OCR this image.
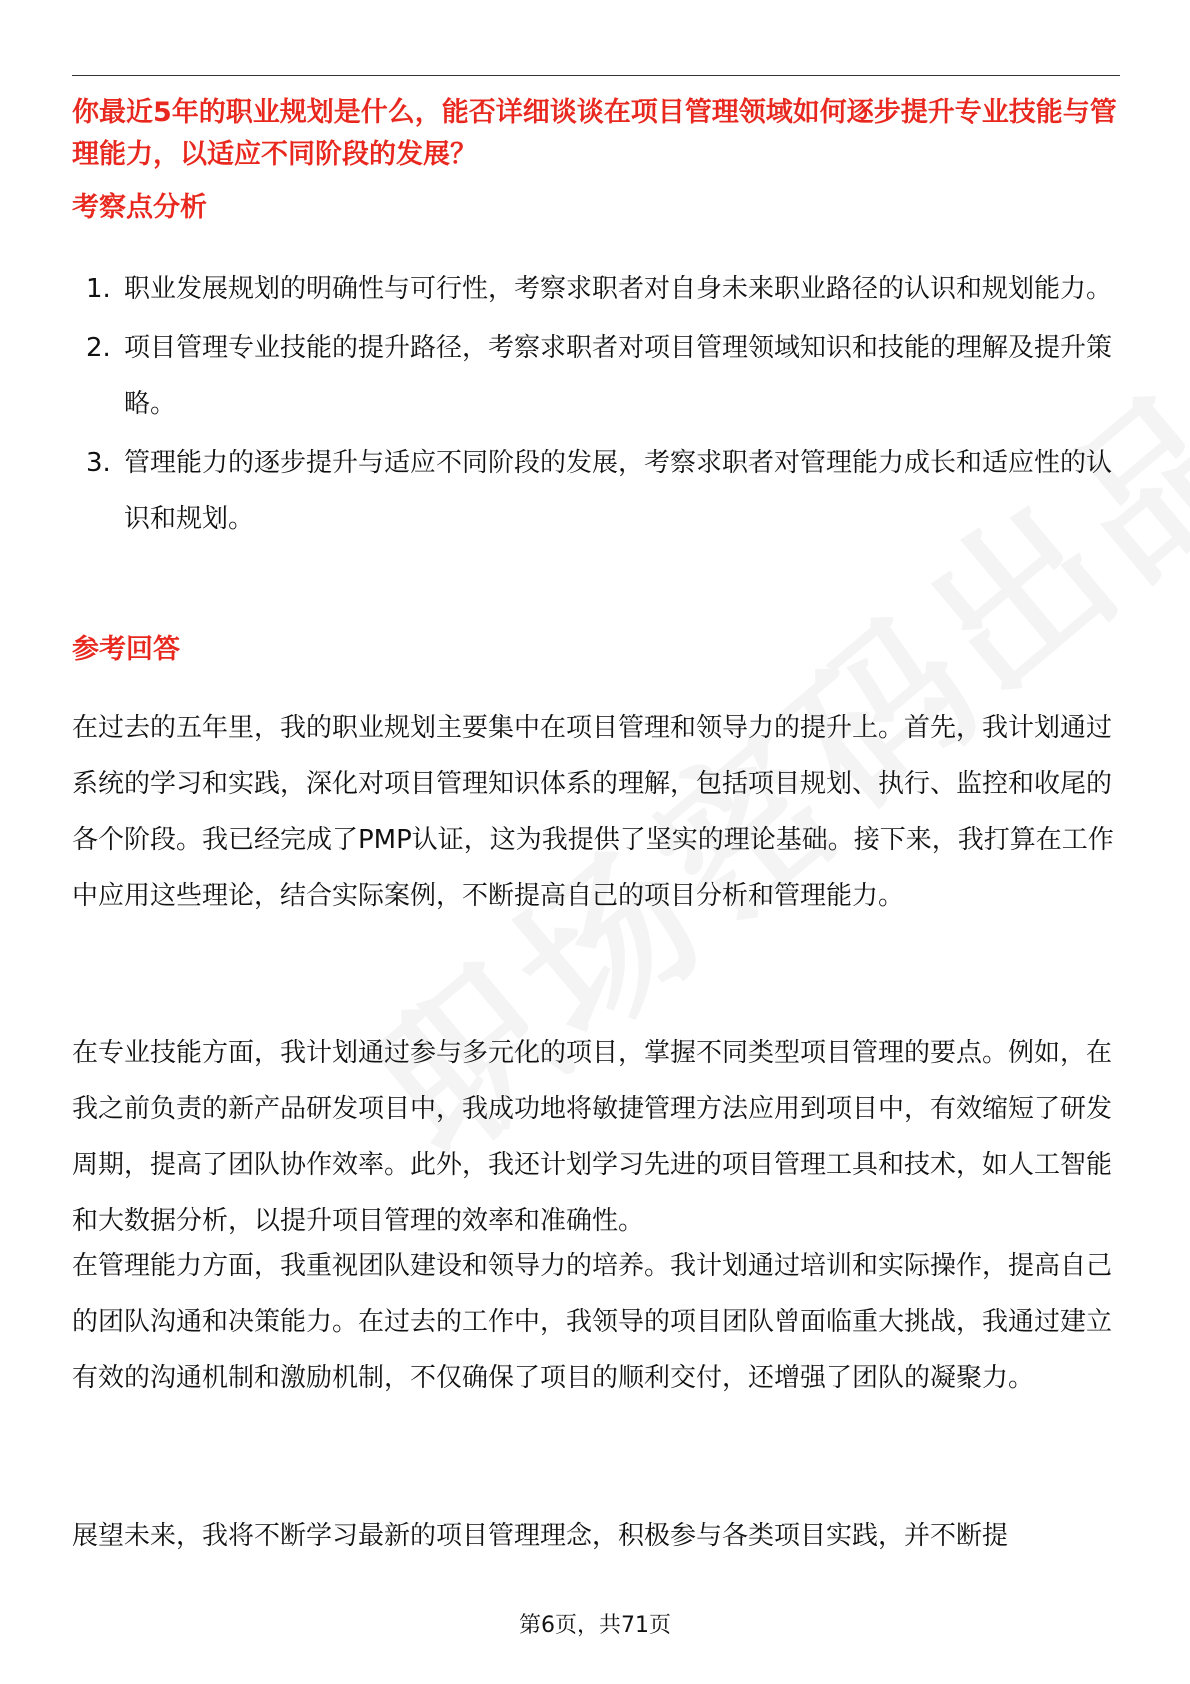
你最近5年的职业规划是什么，能否详细谈谈在项目管理领域如何逐步提升专业技能与管理能力，以适应不同阶段的发展？

考察点分析
1. 职业发展规划的明确性与可行性，考察求职者对自身未来职业路径的认识和规划能力。
2. 项目管理专业技能的提升路径，考察求职者对项目管理领域知识和技能的理解及提升策略。
3. 管理能力的逐步提升与适应不同阶段的发展，考察求职者对管理能力成长和适应性的认识和规划。
参考回答

在过去的五年里，我的职业规划主要集中在项目管理和领导力的提升上。首先，我计划通过系统的学习和实践，深化对项目管理知识体系的理解，包括项目规划、执行、监控和收尾的各个阶段。我已经完成了PMP认证，这为我提供了坚实的理论基础。接下来，我打算在工作中应用这些理论，结合实际案例，不断提高自己的项目分析和管理能力。

在专业技能方面，我计划通过参与多元化的项目，掌握不同类型项目管理的要点。例如，在我之前负责的新产品研发项目中，我成功地将敏捷管理方法应用到项目中，有效缩短了研发周期，提高了团队协作效率。此外，我还计划学习先进的项目管理工具和技术，如人工智能和大数据分析，以提升项目管理的效率和准确性。

在管理能力方面，我重视团队建设和领导力的培养。我计划通过培训和实际操作，提高自己的团队沟通和决策能力。在过去的工作中，我领导的项目团队曾面临重大挑战，我通过建立有效的沟通机制和激励机制，不仅确保了项目的顺利交付，还增强了团队的凝聚力。

展望未来，我将不断学习最新的项目管理理念，积极参与各类项目实践，并不断提

第6页，共71页
